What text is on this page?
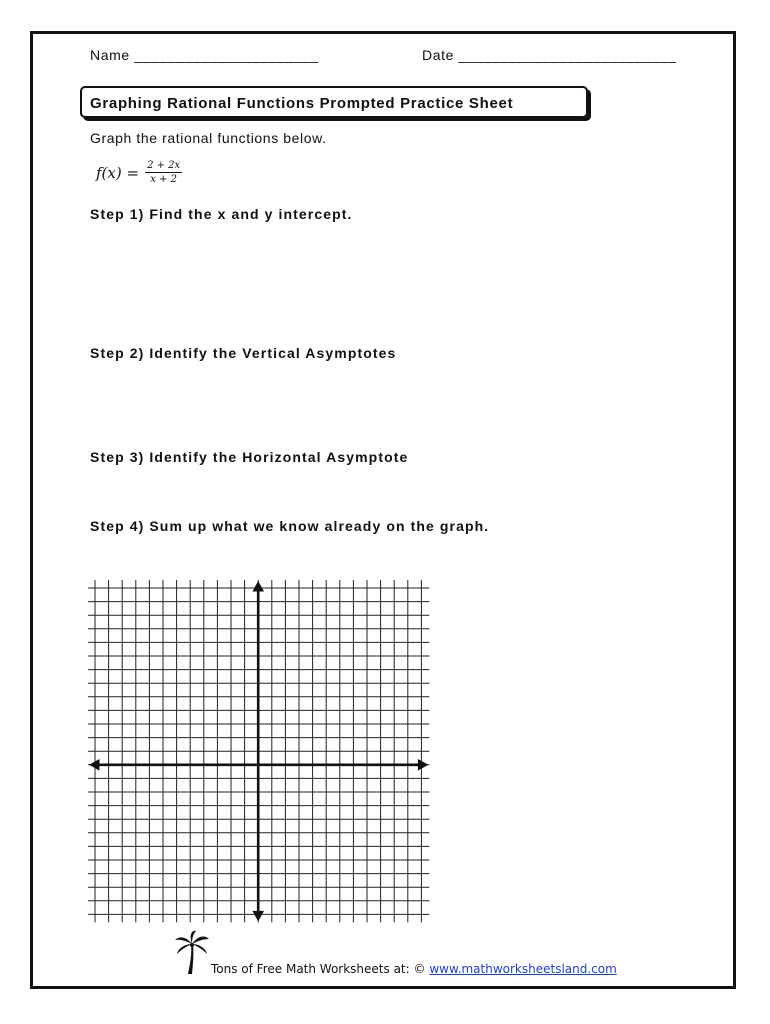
Name ______________________	Date __________________________
Graphing Rational Functions Prompted Practice Sheet
Graph the rational functions below.
$f(x) = \frac{2 + 2x}{x + 2}$
Step 1) Find the x and y intercept.
Step 2) Identify the Vertical Asymptotes
Step 3) Identify the Horizontal Asymptote
Step 4) Sum up what we know already on the graph.
Tons of Free Math Worksheets at: © www.mathworksheetsland.com
